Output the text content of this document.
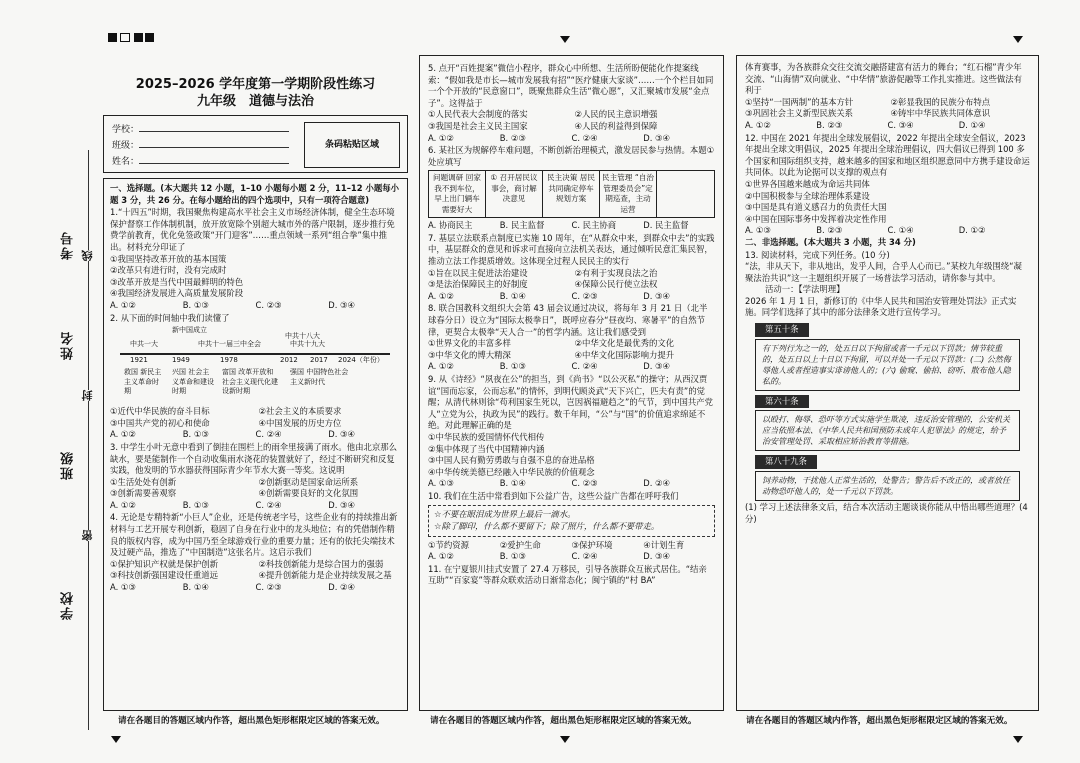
考号
姓名
班级
学校
线
封
密
2025–2026 学年度第一学期阶段性练习
九年级　道德与法治
学校：
班级：
姓名：
条码粘贴区域
一、选择题。(本大题共 12 小题，1–10 小题每小题 2 分，11–12 小题每小题 3 分，共 26 分。在每小题给出的四个选项中，只有一项符合题意)
1.“十四五”时期，我国聚焦构建高水平社会主义市场经济体制，健全生态环境保护督察工作体制机制，放开放宽除个别超大城市外的落户限制，逐步推行免费学前教育，优化免签政策“开门迎客”……重点领域一系列“组合拳”集中推出。材料充分印证了
①我国坚持改革开放的基本国策
②改革只有进行时，没有完成时
③改革开放是当代中国最鲜明的特色
④我国经济发展进入高质量发展阶段
A. ①②	B. ①③	C. ②③	D. ③④
2. 从下面的时间轴中我们读懂了
新中国成立
中共一大	中共十一届三中全会
中共十八大
中共十九大
1921	1949	1978	2012 2017 2024（年份）
救国 新民主主义革命时期
兴国 社会主义革命和建设时期
富国 改革开放和社会主义现代化建设新时期
强国 中国特色社会主义新时代
①近代中华民族的奋斗目标	②社会主义的本质要求
③中国共产党的初心和使命	④中国发展的历史方位
A. ①②	B. ①③	C. ②④	D. ③④
3. 中学生小叶无意中看到了倒挂在围栏上的雨伞里接满了雨水。他由北京那么缺水，要是能制作一个自动收集雨水浇花的装置就好了，经过不断研究和反复实践，他发明的节水器获得国际青少年节水大赛一等奖。这说明
①生活处处有创新	②创新驱动是国家命运所系
③创新需要善观察	④创新需要良好的文化氛围
A. ①②	B. ①③	C. ②④	D. ③④
4. 无论是专精特新“小巨人”企业，还是传统老字号，这些企业有的持续推出新材料与工艺开展专利创新，稳固了自身在行业中的龙头地位；有的凭借制作精良的版权内容，成为中国乃至全球游戏行业的重要力量；还有的依托尖端技术及过硬产品，推选了“中国制造”这张名片。这启示我们
①保护知识产权就是保护创新	②科技创新能力是综合国力的强弱
③科技创新强国建设任重道远	④提升创新能力是企业持续发展之基
A. ①③	B. ①④	C. ②③	D. ②④
5. 点开“百姓提案”微信小程序，群众心中所想、生活所盼便能化作提案线索：“假如我是市长—城市发展我有招”“医疗健康大家谈”……一个个栏目如同一个个开放的“民意窗口”，既聚焦群众生活“微心愿”，又汇聚城市发展“金点子”。这得益于
①人民代表大会制度的落实	②人民的民主意识增强
③我国是社会主义民主国家	④人民的利益得到保障
A. ①②	B. ②③	C. ②④	D. ③④
6. 某社区为规解停车难问题，不断创新治理模式，激发居民参与热情。本题①处应填写
问题调研 回家我不到车位，早上出门辆车需要好大
① 召开居民议事会，商讨解决意见
民主决策 居民共同确定停车规划方案
民主管理 “自治管理委员会”定期巡查，主动运营
A. 协商民主	B. 民主监督	C. 民主协商	D. 民主监督
7. 基层立法联系点制度已实施 10 周年，在“从群众中来，到群众中去”的实践中，基层群众的意见和诉求可直接向立法机关表达，通过倾听民意汇集民智，推动立法工作提质增效。这体现全过程人民民主的实行
①旨在以民主促进法治建设	②有利于实现良法之治
③是法治保障民主的好制度	④保障公民行使立法权
A. ①②	B. ①④	C. ②③	D. ③④
8. 联合国教科文组织大会第 43 届会议通过决议，将每年 3 月 21 日（北半球春分日）设立为“国际太极拳日”，既呼应春分“昼夜均、寒暑平”的自然节律，更契合太极拳“天人合一”的哲学内涵。这让我们感受到
①世界文化的丰富多样	②中华文化是最优秀的文化
③中华文化的博大精深	④中华文化国际影响力提升
A. ①②	B. ①③	C. ②④	D. ③④
9. 从《诗经》“夙夜在公”的担当，到《尚书》“以公灭私”的操守；从西汉贾谊“国而忘家，公而忘私”的情怀，到明代顾炎武“天下兴亡，匹夫有责”的觉醒；从清代林则徐“苟利国家生死以，岂因祸福避趋之”的气节，到中国共产党人“立党为公，执政为民”的践行。数千年间，“公”与“国”的价值追求绵延不绝。对此理解正确的是
①中华民族的爱国情怀代代相传
②集中体现了当代中国精神内涵
③中国人民有勤劳勇敢与自强不息的奋进品格
④中华传统美德已经融入中华民族的价值观念
A. ①③	B. ①④	C. ②③	D. ②④
10. 我们在生活中常看到如下公益广告，这些公益广告都在呼吁我们
☆不要在眼泪成为世界上最后一滴水。
☆除了脚印，什么都不要留下；除了照片，什么都不要带走。
①节约资源	②爱护生命	③保护环境	④计划生育
A. ①②	B. ①③	C. ②④	D. ③④
11. 在宁夏银川挂式安置了 27.4 万移民，引导各族群众互嵌式居住。“结亲互助”“百家宴”等群众联欢活动日渐常态化；闽宁镇的“村 BA”
体育赛事，为各族群众交往交流交融搭建富有活力的舞台；“红石榴”青少年交流、“山海情”双向就业、“中华情”旅游促融等工作扎实推进。这些做法有利于
①坚持“一国两制”的基本方针	②彰显我国的民族分布特点
③巩固社会主义新型民族关系	④铸牢中华民族共同体意识
A. ①②	B. ②③	C. ③④	D. ①④
12. 中国在 2021 年提出全球发展倡议，2022 年提出全球安全倡议，2023 年提出全球文明倡议，2025 年提出全球治理倡议，四大倡议已得到 100 多个国家和国际组织支持，越来越多的国家和地区组织愿意同中方携手建设命运共同体。以此为论据可以支撑的观点有
①世界各国越来越成为命运共同体
②中国积极参与全球治理体系建设
③中国是具有道义感召力的负责任大国
④中国在国际事务中发挥着决定性作用
A. ①③	B. ②③	C. ①④	D. ①②
二、非选择题。(本大题共 3 小题，共 34 分)
13. 阅读材料，完成下列任务。(10 分)
“法，非从天下，非从地出，发乎人间，合乎人心而已。”某校九年级围绕“凝聚法治共识”这一主题组织开展了一场普法学习活动，请你参与其中。
活动一：【学法明理】
2026 年 1 月 1 日，新修订的《中华人民共和国治安管理处罚法》正式实施。同学们选择了其中的部分法律条文进行宣传学习。
第五十条
有下列行为之一的，处五日以下拘留或者一千元以下罚款；情节较重的，处五日以上十日以下拘留，可以并处一千元以下罚款：(二) 公然侮辱他人或者捏造事实诽谤他人的；(六) 偷窥、偷拍、窃听、散布他人隐私的。
第六十条
以殴打、侮辱、恐吓等方式实施学生欺凌，违反治安管理的，公安机关应当依照本法、《中华人民共和国预防未成年人犯罪法》的规定，给予治安管理处罚、采取相应矫治教育等措施。
第八十九条
饲养动物，干扰他人正常生活的，处警告；警告后不改正的，或者放任动物恐吓他人的，处一千元以下罚款。
(1) 学习上述法律条文后，结合本次活动主题谈谈你能从中悟出哪些道理？(4 分)
请在各题目的答题区域内作答，超出黑色矩形框限定区域的答案无效。	请在各题目的答题区域内作答，超出黑色矩形框限定区域的答案无效。	请在各题目的答题区域内作答，超出黑色矩形框限定区域的答案无效。
